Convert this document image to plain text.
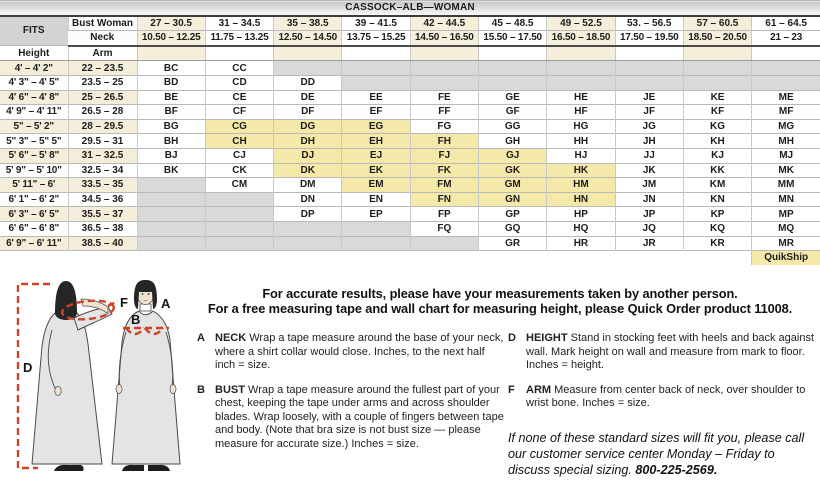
CASSOCK–ALB—WOMAN											
FITS	Bust Woman	27 – 30.5	31 – 34.5	35 – 38.5	39 – 41.5	42 – 44.5	45 – 48.5	49 – 52.5	53. – 56.5	57 – 60.5	61 – 64.5
	Neck	10.50 – 12.25	11.75 – 13.25	12.50 – 14.50	13.75 – 15.25	14.50 – 16.50	15.50 – 17.50	16.50 – 18.50	17.50 – 19.50	18.50 – 20.50	21 – 23
Height	Arm										
4' – 4' 2"	22 – 23.5	BC	CC								
4' 3" – 4' 5"	23.5 – 25	BD	CD	DD							
4' 6" – 4' 8"	25 – 26.5	BE	CE	DE	EE	FE	GE	HE	JE	KE	ME
4' 9" – 4' 11"	26.5 – 28	BF	CF	DF	EF	FF	GF	HF	JF	KF	MF
5" – 5' 2"	28 – 29.5	BG	CG	DG	EG	FG	GG	HG	JG	KG	MG
5" 3" – 5" 5"	29.5 – 31	BH	CH	DH	EH	FH	GH	HH	JH	KH	MH
5' 6" – 5' 8"	31 – 32.5	BJ	CJ	DJ	EJ	FJ	GJ	HJ	JJ	KJ	MJ
5' 9" – 5' 10"	32.5 – 34	BK	CK	DK	EK	FK	GK	HK	JK	KK	MK
5' 11" – 6'	33.5 – 35		CM	DM	EM	FM	GM	HM	JM	KM	MM
6' 1" – 6' 2"	34.5 – 36			DN	EN	FN	GN	HN	JN	KN	MN
6' 3" – 6' 5"	35.5 – 37			DP	EP	FP	GP	HP	JP	KP	MP
6' 6" – 6' 8"	36.5 – 38					FQ	GQ	HQ	JQ	KQ	MQ
6' 9" – 6' 11"	38.5 – 40						GR	HR	JR	KR	MR
											QuikShip
For accurate results, please have your measurements taken by another person.
For a free measuring tape and wall chart for measuring height, please Quick Order product 11008.
A NECK Wrap a tape measure around the base of your neck, where a shirt collar would close. Inches, to the next half inch = size.

B BUST Wrap a tape measure around the fullest part of your chest, keeping the tape under arms and across shoulder blades. Wrap loosely, with a couple of fingers between tape and body. (Note that bra size is not bust size — please measure for accurate size.) Inches = size.

D HEIGHT Stand in stocking feet with heels and back against wall. Mark height on wall and measure from mark to floor. Inches = height.

F	ARM Measure from center back of neck, over shoulder to wrist bone. Inches = size.

If none of these standard sizes will fit you, please call our customer service center Monday – Friday to discuss special sizing. 800-225-2569.

D
F	A
B
